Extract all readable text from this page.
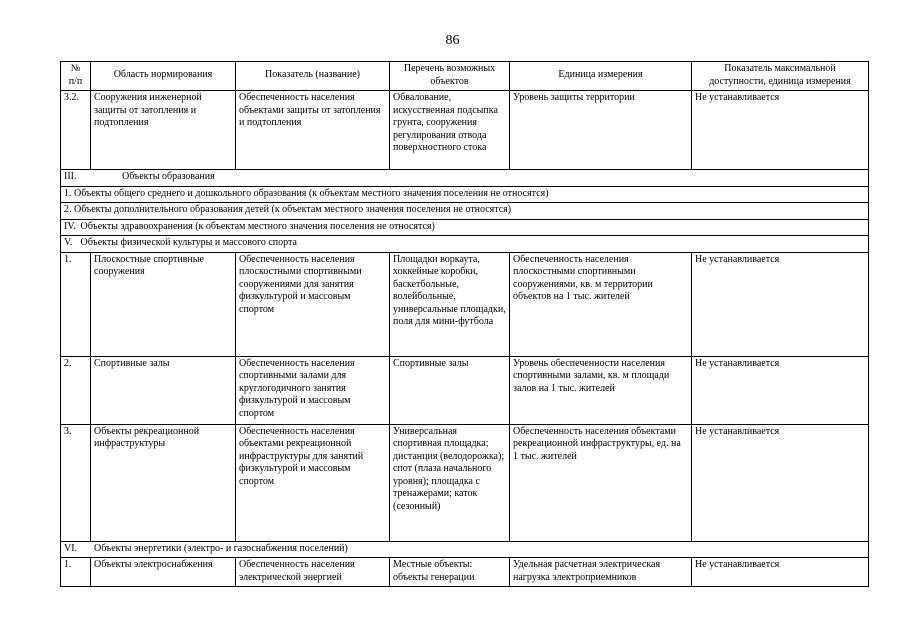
86
№
п/п	Область нормирования	Показатель (название)	Перечень возможных объектов	Единица измерения	Показатель максимальной доступности, единица измерения
3.2.	Сооружения инженерной защиты от затопления и подтопления	Обеспеченность населения объектами защиты от затопления и подтопления	Обвалование, искусственная подсыпка грунта, сооружения регулирования отвода поверхностного стока	Уровень защиты территории	Не устанавливается
III. Объекты образования					
1. Объекты общего среднего и дошкольного образования (к объектам местного значения поселения не относятся)					
2. Объекты дополнительного образования детей (к объектам местного значения поселения не относятся)					
IV. Объекты здравоохранения (к объектам местного значения поселения не относятся)					
V. Объекты физической культуры и массового спорта					
1.	Плоскостные спортивные сооружения	Обеспеченность населения плоскостными спортивными сооружениями для занятия физкультурой и массовым спортом	Площадки воркаута, хоккейные коробки, баскетбольные, волейбольные, универсальные площадки, поля для мини-футбола	Обеспеченность населения плоскостными спортивными сооружениями, кв. м территории объектов на 1 тыс. жителей	Не устанавливается
2.	Спортивные залы	Обеспеченность населения спортивными залами для круглогодичного занятия физкультурой и массовым спортом	Спортивные залы	Уровень обеспеченности населения спортивными залами, кв. м площади залов на 1 тыс. жителей	Не устанавливается
3.	Объекты рекреационной инфраструктуры	Обеспеченность населения объектами рекреационной инфраструктуры для занятий физкультурой и массовым спортом	Универсальная спортивная площадка; дистанция (велодорожка); спот (плаза начального уровня); площадка с тренажерами; каток (сезонный)	Обеспеченность населения объектами рекреационной инфраструктуры, ед. на 1 тыс. жителей	Не устанавливается
VI. Объекты энергетики (электро- и газоснабжения поселений)					
1.	Объекты электроснабжения	Обеспеченность населения электрической энергией	Местные объекты: объекты генерации	Удельная расчетная электрическая нагрузка электроприемников	Не устанавливается
